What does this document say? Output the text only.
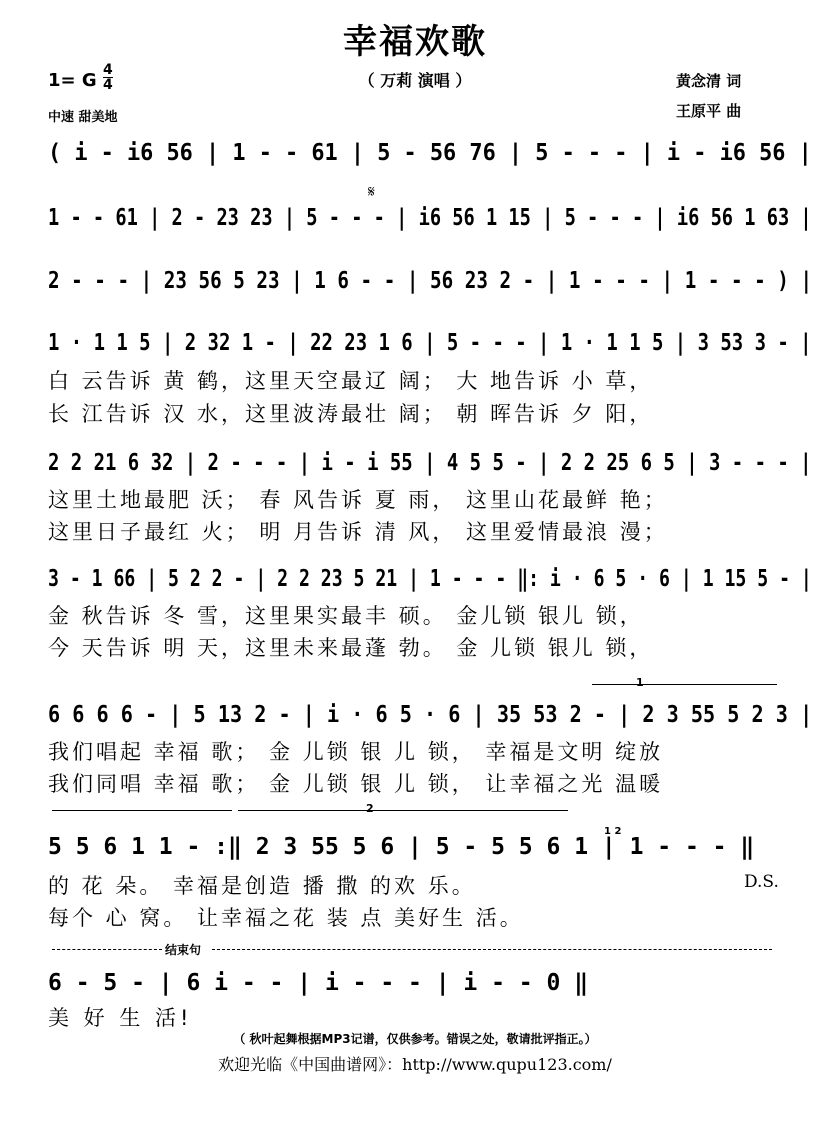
幸福欢歌
（ 万莉 演唱 ）	黄念清 词
王原平 曲
1= G 4
4
中速 甜美地
( i - i6 56 | 1 - - 61 | 5 - 56 76 | 5 - - - | i - i6 56 |
1 - - 61 | 2 - 23 23 | 5 - - - | i6 56 1 15 | 5 - - - | i6 56 1 63 |
𝄋
2 - - - | 23 56 5 23 | 1 6 - - | 56 23 2 - | 1 - - - | 1 - - - ) |
1 · 1 1 5 | 2 32 1 - | 22 23 1 6 | 5 - - - | 1 · 1 1 5 | 3 53 3 - |
白 云告诉 黄 鹤，这里天空最辽 阔； 大 地告诉 小 草，
长 江告诉 汉 水，这里波涛最壮 阔； 朝 晖告诉 夕 阳，
2 2 21 6 32 | 2 - - - | i - i 55 | 4 5 5 - | 2 2 25 6 5 | 3 - - - |
这里土地最肥 沃； 春 风告诉 夏 雨， 这里山花最鲜 艳；
这里日子最红 火； 明 月告诉 清 风， 这里爱情最浪 漫；
3 - 1 66 | 5 2 2 - | 2 2 23 5 21 | 1 - - - ‖: i · 6 5 · 6 | 1 15 5 - |
金 秋告诉 冬 雪，这里果实最丰 硕。 金儿锁 银儿 锁，
今 天告诉 明 天，这里未来最蓬 勃。 金 儿锁 银儿 锁，
1
6 6 6 6 - | 5 13 2 - | i · 6 5 · 6 | 35 53 2 - | 2 3 55 5 2 3 |
我们唱起 幸福 歌； 金 儿锁 银 儿 锁， 幸福是文明 绽放
我们同唱 幸福 歌； 金 儿锁 银 儿 锁， 让幸福之光 温暖
2
1 2
5 5 6 1 1 - :‖ 2 3 55 5 6 | 5 - 5 5 6 1 | 1 - - - ‖
的 花 朵。 幸福是创造 播 撒 的欢 乐。
每个 心 窝。 让幸福之花 装 点 美好生 活。
D.S.
结束句
6 - 5 - | 6 i - - | i - - - | i - - 0 ‖
美 好 生 活!
（ 秋叶起舞根据MP3记谱，仅供参考。错误之处，敬请批评指正。）
欢迎光临《中国曲谱网》：http://www.qupu123.com/
